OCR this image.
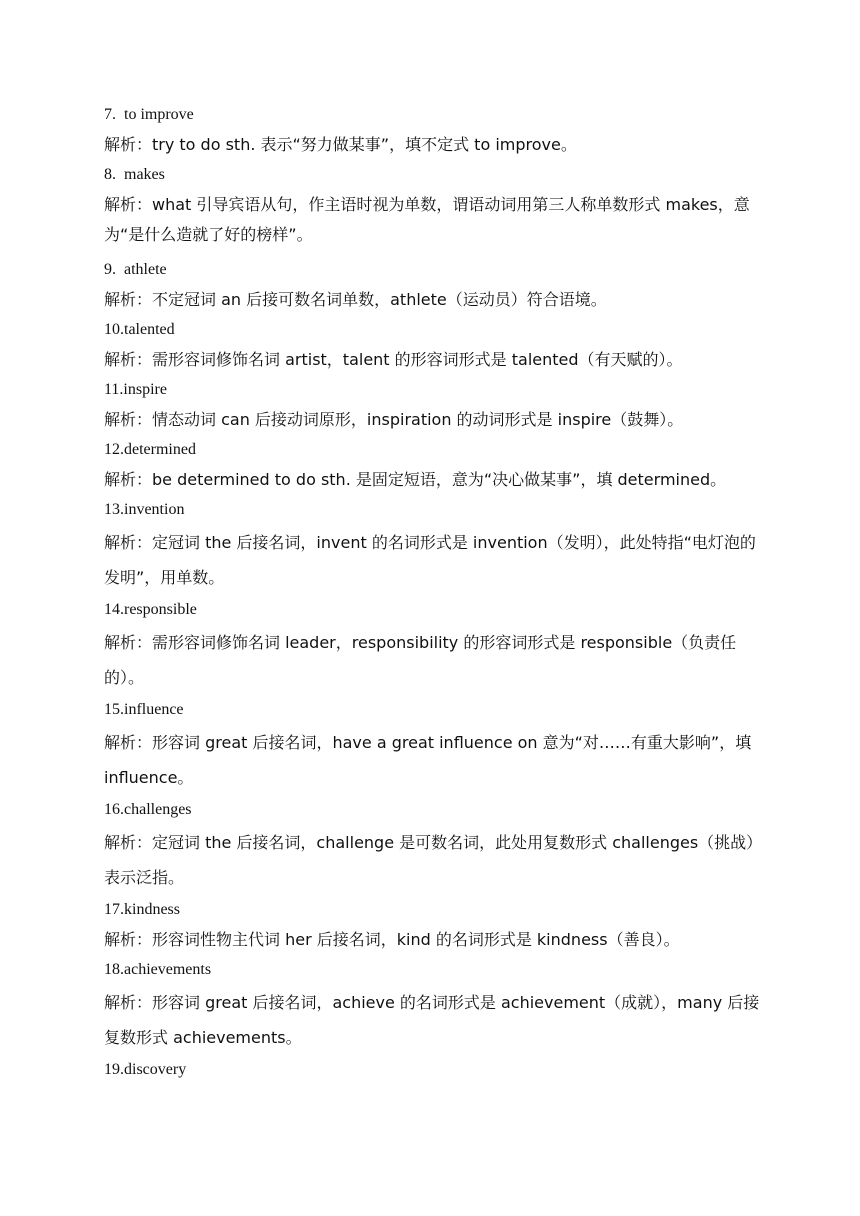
7.  to improve
解析：try to do sth. 表示“努力做某事”，填不定式 to improve。
8.  makes
解析：what 引导宾语从句，作主语时视为单数，谓语动词用第三人称单数形式 makes，意为“是什么造就了好的榜样”。
9.  athlete
解析：不定冠词 an 后接可数名词单数，athlete（运动员）符合语境。
10.talented
解析：需形容词修饰名词 artist，talent 的形容词形式是 talented（有天赋的）。
11.inspire
解析：情态动词 can 后接动词原形，inspiration 的动词形式是 inspire（鼓舞）。
12.determined
解析：be determined to do sth. 是固定短语，意为“决心做某事”，填 determined。
13.invention
解析：定冠词 the 后接名词，invent 的名词形式是 invention（发明），此处特指“电灯泡的发明”，用单数。
14.responsible
解析：需形容词修饰名词 leader，responsibility 的形容词形式是 responsible（负责任的）。
15.influence
解析：形容词 great 后接名词，have a great influence on 意为“对……有重大影响”，填 influence。
16.challenges
解析：定冠词 the 后接名词，challenge 是可数名词，此处用复数形式 challenges（挑战）表示泛指。
17.kindness
解析：形容词性物主代词 her 后接名词，kind 的名词形式是 kindness（善良）。
18.achievements
解析：形容词 great 后接名词，achieve 的名词形式是 achievement（成就），many 后接复数形式 achievements。
19.discovery
